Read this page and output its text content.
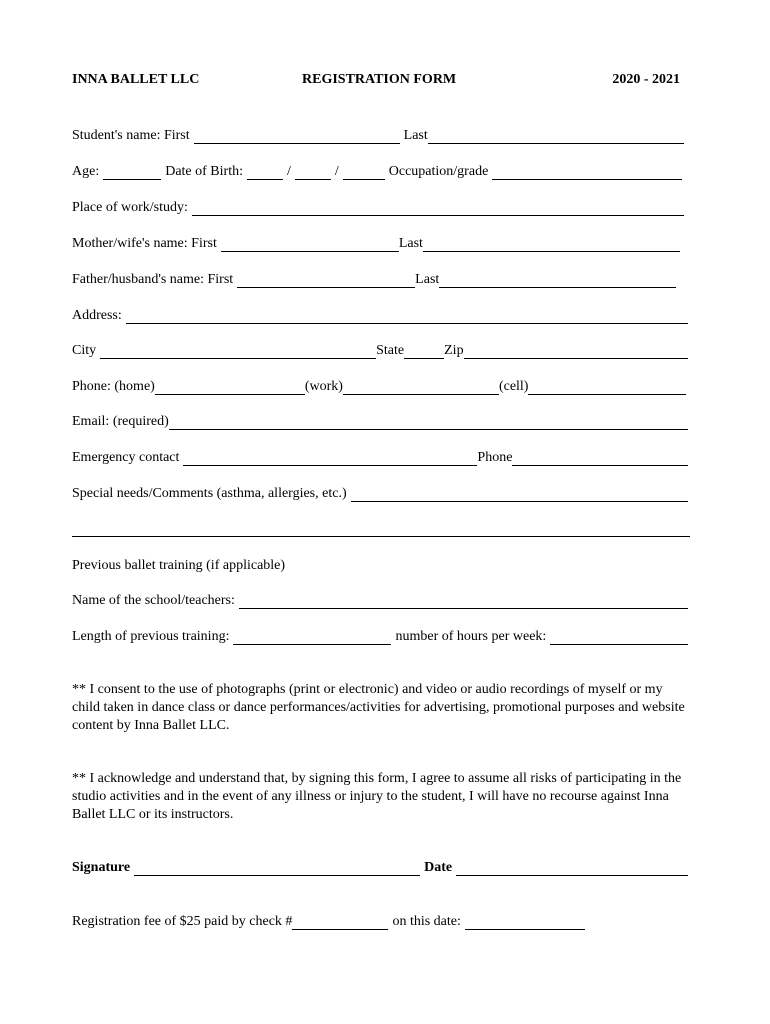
INNA BALLET LLC	REGISTRATION FORM	2020 - 2021
Student's name: First	Last
Age:	Date of Birth:	/	/	Occupation/grade
Place of work/study:
Mother/wife's name: First	Last
Father/husband's name: First	Last
Address:
City	State	Zip
Phone: (home)	(work)	(cell)
Email: (required)
Emergency contact	Phone
Special needs/Comments (asthma, allergies, etc.)
Previous ballet training (if applicable)
Name of the school/teachers:
Length of previous training:	number of hours per week:

** I consent to the use of photographs (print or electronic) and video or audio recordings of myself or my child taken in dance class or dance performances/activities for advertising, promotional purposes and website content by Inna Ballet LLC.

** I acknowledge and understand that, by signing this form, I agree to assume all risks of participating in the studio activities and in the event of any illness or injury to the student, I will have no recourse against Inna Ballet LLC or its instructors.

Signature	Date
Registration fee of $25 paid by check #	on this date:
